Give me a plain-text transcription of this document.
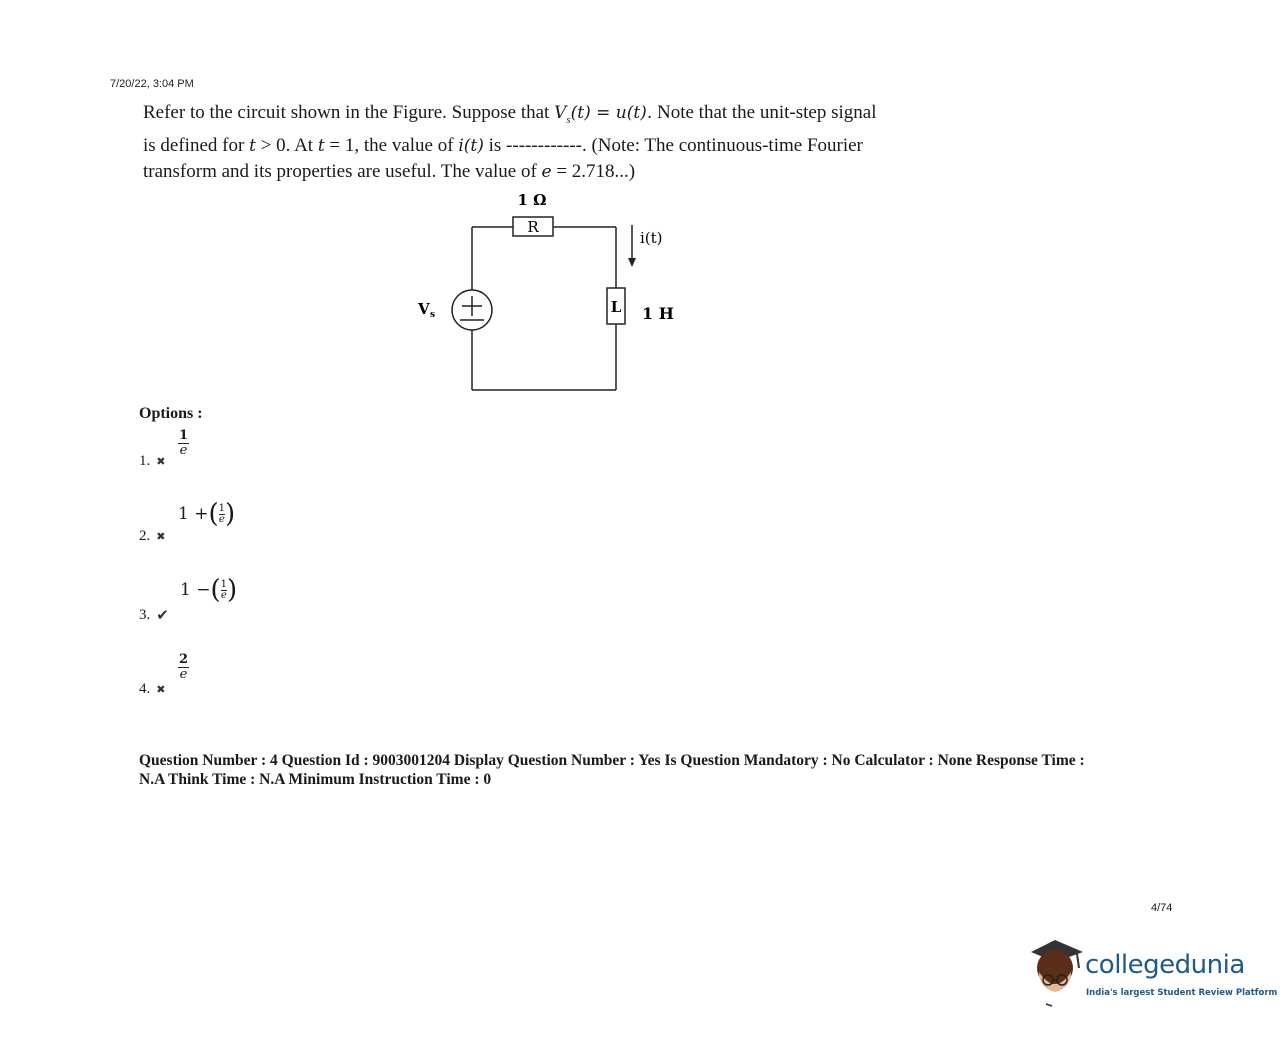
7/20/22, 3:04 PM
Refer to the circuit shown in the Figure. Suppose that $V_s(t) = u(t)$. Note that the unit-step signal
is defined for t > 0. At t = 1, the value of i(t) is ------------. (Note: The continuous-time Fourier
transform and its properties are useful. The value of e = 2.718...)
1 Ω
R
i(t)
V s	L 1 H
Options :
1. ✖
$\frac{1}{e}$
2. ✖
1 + ( $\frac{1}{e}$ )
3. ✔
1 − ( $\frac{1}{e}$ )
4. ✖
$\frac{2}{e}$
Question Number : 4 Question Id : 9003001204 Display Question Number : Yes Is Question Mandatory : No Calculator : None Response Time :
N.A Think Time : N.A Minimum Instruction Time : 0
4/74
collegedunia
India's largest Student Review Platform
